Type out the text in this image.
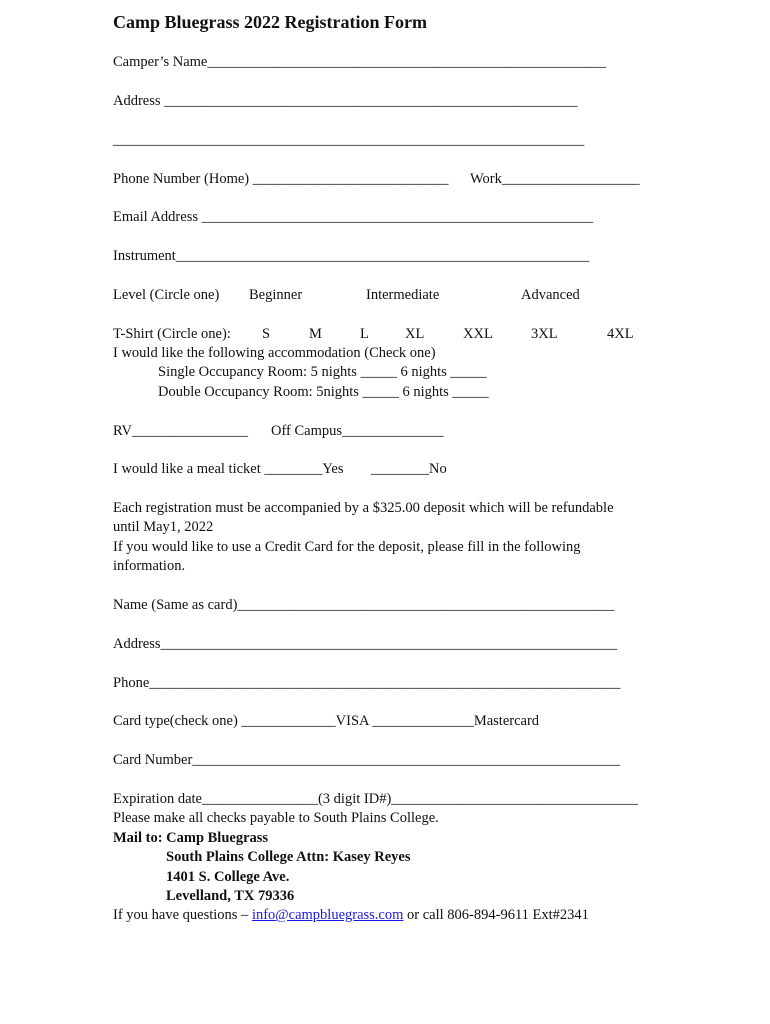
Camp Bluegrass 2022 Registration Form
Camper’s Name_______________________________________________________
Address _________________________________________________________
_________________________________________________________________
Phone Number (Home) ___________________________ Work___________________
Email Address ______________________________________________________
Instrument_________________________________________________________
Level (Circle one) Beginner	Intermediate	Advanced
T-Shirt (Circle one): S	M	L XL	XXL	3XL	4XL
I would like the following accommodation (Check one)
Single Occupancy Room: 5 nights _____ 6 nights _____
Double Occupancy Room: 5nights _____ 6 nights _____
RV________________ Off Campus______________
I would like a meal ticket ________Yes ________No
Each registration must be accompanied by a $325.00 deposit which will be refundable
until May1, 2022
If you would like to use a Credit Card for the deposit, please fill in the following
information.
Name (Same as card)____________________________________________________
Address_______________________________________________________________
Phone_________________________________________________________________
Card type(check one) _____________VISA ______________Mastercard
Card Number___________________________________________________________
Expiration date________________(3 digit ID#)__________________________________
Please make all checks payable to South Plains College.
Mail to: Camp Bluegrass
South Plains College Attn: Kasey Reyes
1401 S. College Ave.
Levelland, TX 79336
If you have questions – info@campbluegrass.com or call 806-894-9611 Ext#2341
